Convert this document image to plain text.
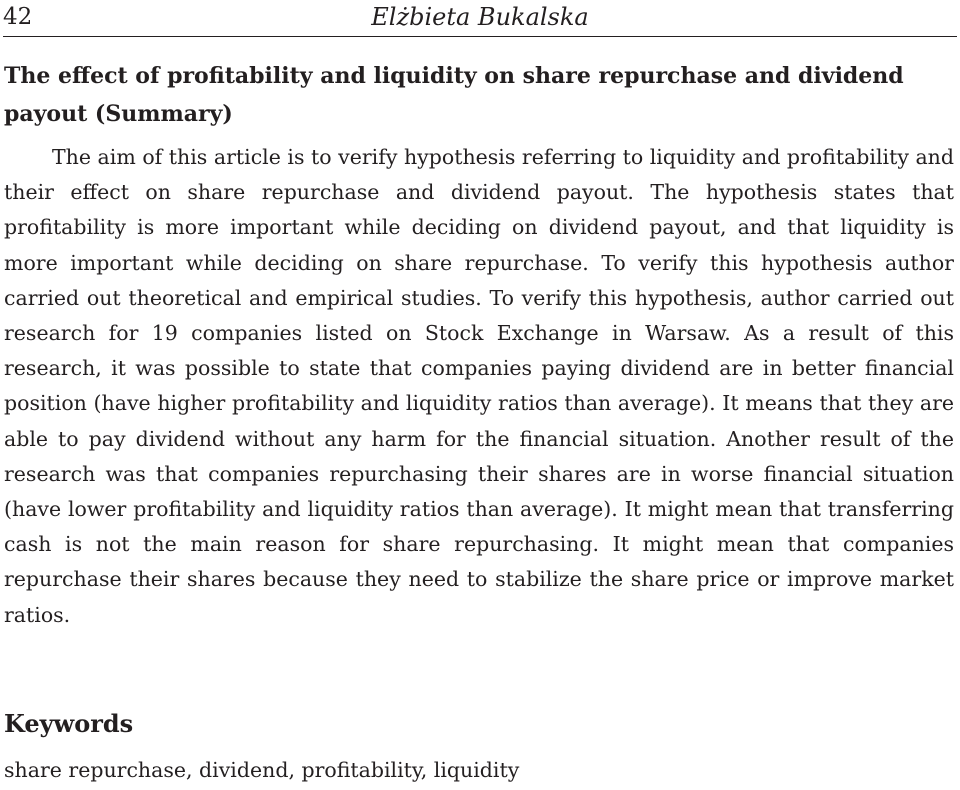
42	Elżbieta Bukalska
The effect of profitability and liquidity on share repurchase and dividend payout (Summary)

The aim of this article is to verify hypothesis referring to liquidity and profitability and their effect on share repurchase and dividend payout. The hypothesis states that profitability is more important while deciding on dividend payout, and that liquidity is more important while deciding on share repurchase. To verify this hypothesis author carried out theoretical and empirical studies. To verify this hypothesis, author carried out research for 19 companies listed on Stock Exchange in Warsaw. As a result of this research, it was possible to state that companies paying dividend are in better financial position (have higher profitability and liquidity ratios than average). It means that they are able to pay dividend without any harm for the financial situation. Another result of the research was that companies repurchasing their shares are in worse financial situation (have lower profitability and liquidity ratios than average). It might mean that transferring cash is not the main reason for share repurchasing. It might mean that companies repurchase their shares because they need to stabilize the share price or improve market ratios.

Keywords

share repurchase, dividend, profitability, liquidity
